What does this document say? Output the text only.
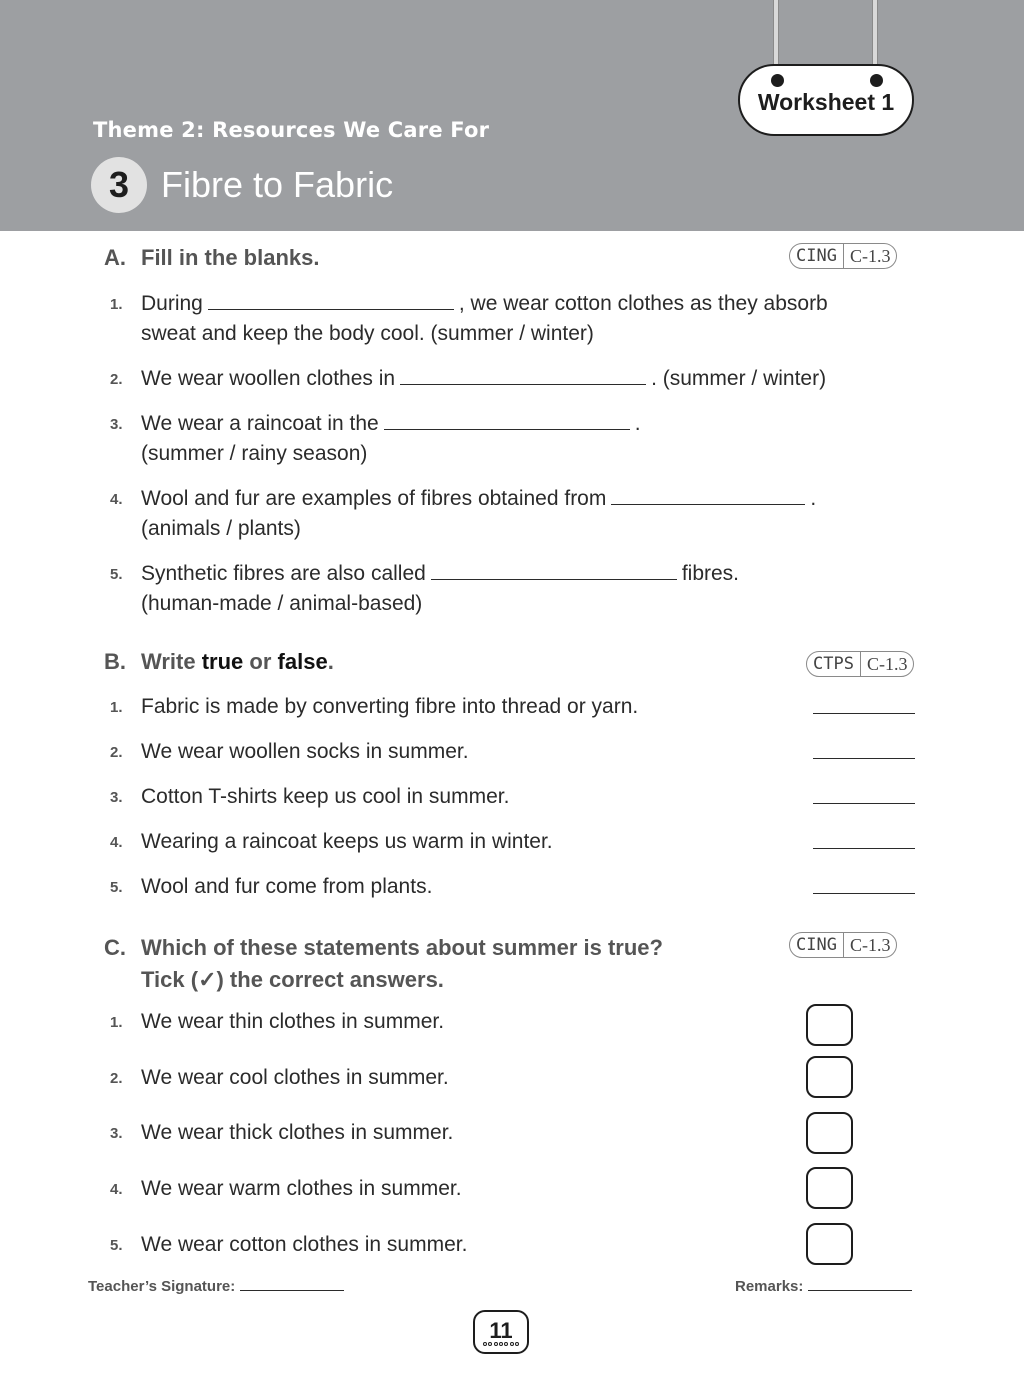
Worksheet 1
Theme 2: Resources We Care For
3 Fibre to Fabric
A. Fill in the blanks.	CING C-1.3
1. During	, we wear cotton clothes as they absorb
sweat and keep the body cool. (summer / winter)
2. We wear woollen clothes in	. (summer / winter)
3. We wear a raincoat in the	.
(summer / rainy season)
4. Wool and fur are examples of fibres obtained from	.
(animals / plants)
5. Synthetic fibres are also called	fibres.
(human-made / animal-based)
B. Write true or false.	CTPS C-1.3
1. Fabric is made by converting fibre into thread or yarn.
2. We wear woollen socks in summer.
3. Cotton T-shirts keep us cool in summer.
4. Wearing a raincoat keeps us warm in winter.
5. Wool and fur come from plants.
C. Which of these statements about summer is true?
Tick (✓) the correct answers.
CING C-1.3
1. We wear thin clothes in summer.
2. We wear cool clothes in summer.
3. We wear thick clothes in summer.
4. We wear warm clothes in summer.
5. We wear cotton clothes in summer.
Teacher’s Signature:	Remarks:
11
